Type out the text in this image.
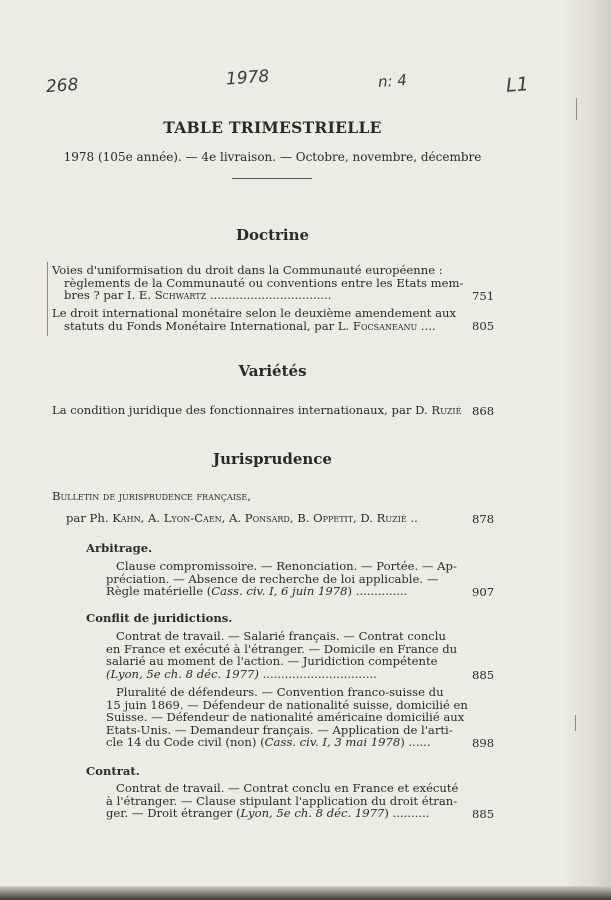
268	1978	n: 4	L1
TABLE TRIMESTRIELLE
1978 (105e année). — 4e livraison. — Octobre, novembre, décembre
Doctrine
Voies d'uniformisation du droit dans la Communauté européenne :
règlements de la Communauté ou conventions entre les Etats mem-
bres ? par I. E. Schwartz .................................	751
Le droit international monétaire selon le deuxième amendement aux
statuts du Fonds Monétaire International, par L. Focsaneanu ....	805
Variétés
La condition juridique des fonctionnaires internationaux, par D. Ruzié 868
Jurisprudence
Bulletin de jurisprudence française,
par Ph. Kahn, A. Lyon-Caen, A. Ponsard, B. Oppetit, D. Ruzié ..	878
Arbitrage.
Clause compromissoire. — Renonciation. — Portée. — Ap-
préciation. — Absence de recherche de loi applicable. —
Règle matérielle (Cass. civ. I, 6 juin 1978) ..............	907
Conflit de juridictions.
Contrat de travail. — Salarié français. — Contrat conclu
en France et exécuté à l'étranger. — Domicile en France du
salarié au moment de l'action. — Juridiction compétente
(Lyon, 5e ch. 8 déc. 1977) ...............................	885
Pluralité de défendeurs. — Convention franco-suisse du
15 juin 1869. — Défendeur de nationalité suisse, domicilié en
Suisse. — Défendeur de nationalité américaine domicilié aux
Etats-Unis. — Demandeur français. — Application de l'arti-
cle 14 du Code civil (non) (Cass. civ. I, 3 mai 1978) ......	898
Contrat.
Contrat de travail. — Contrat conclu en France et exécuté
à l'étranger. — Clause stipulant l'application du droit étran-
ger. — Droit étranger (Lyon, 5e ch. 8 déc. 1977) ..........	885
